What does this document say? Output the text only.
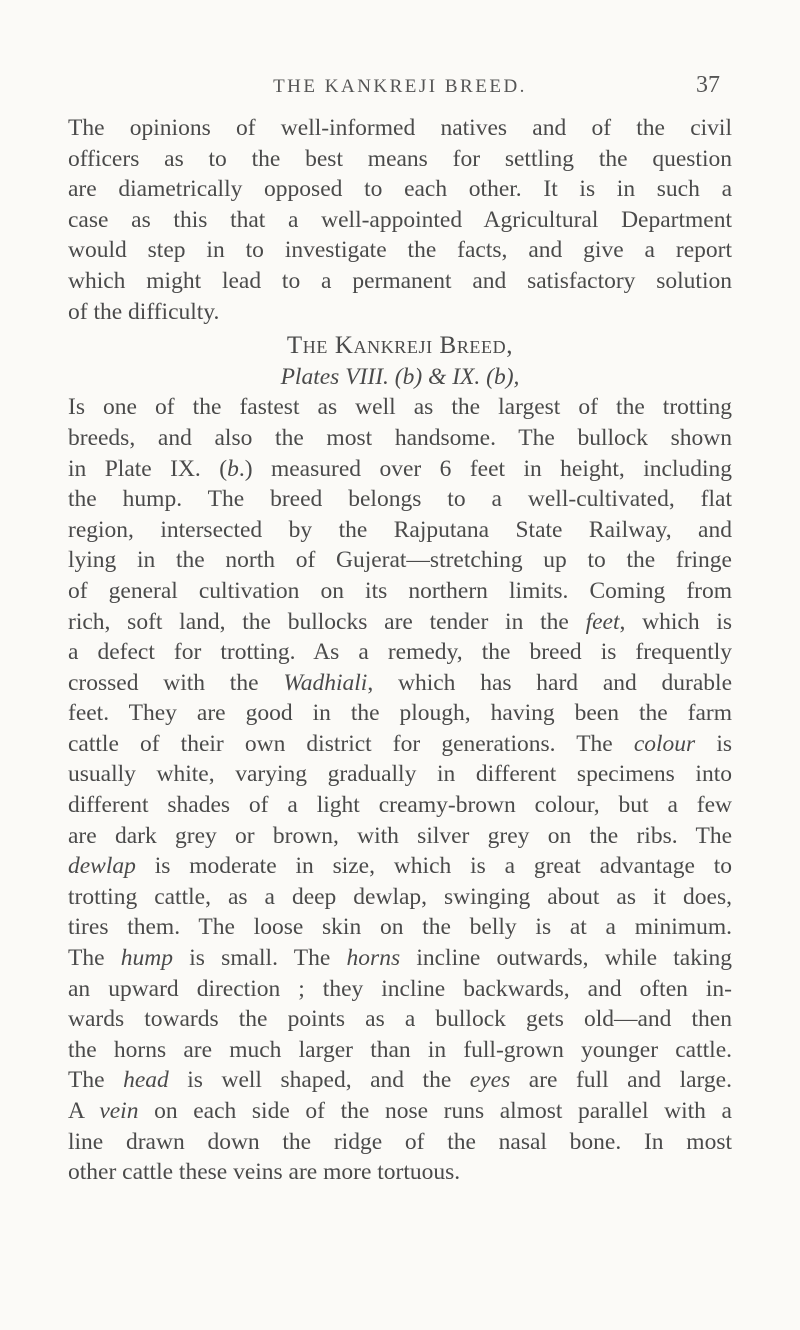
THE KANKREJI BREED.	37
The opinions of well-informed natives and of the civil
officers as to the best means for settling the question
are diametrically opposed to each other. It is in such a
case as this that a well-appointed Agricultural Department
would step in to investigate the facts, and give a report
which might lead to a permanent and satisfactory solution
of the difficulty.
The Kankreji Breed,
Plates VIII. (b) & IX. (b),
Is one of the fastest as well as the largest of the trotting
breeds, and also the most handsome. The bullock shown
in Plate IX. (b.) measured over 6 feet in height, including
the hump. The breed belongs to a well-cultivated, flat
region, intersected by the Rajputana State Railway, and
lying in the north of Gujerat—stretching up to the fringe
of general cultivation on its northern limits. Coming from
rich, soft land, the bullocks are tender in the feet, which is
a defect for trotting. As a remedy, the breed is frequently
crossed with the Wadhiali, which has hard and durable
feet. They are good in the plough, having been the farm
cattle of their own district for generations. The colour is
usually white, varying gradually in different specimens into
different shades of a light creamy-brown colour, but a few
are dark grey or brown, with silver grey on the ribs. The
dewlap is moderate in size, which is a great advantage to
trotting cattle, as a deep dewlap, swinging about as it does,
tires them. The loose skin on the belly is at a minimum.
The hump is small. The horns incline outwards, while taking
an upward direction ; they incline backwards, and often in-
wards towards the points as a bullock gets old—and then
the horns are much larger than in full-grown younger cattle.
The head is well shaped, and the eyes are full and large.
A vein on each side of the nose runs almost parallel with a
line drawn down the ridge of the nasal bone. In most
other cattle these veins are more tortuous.
